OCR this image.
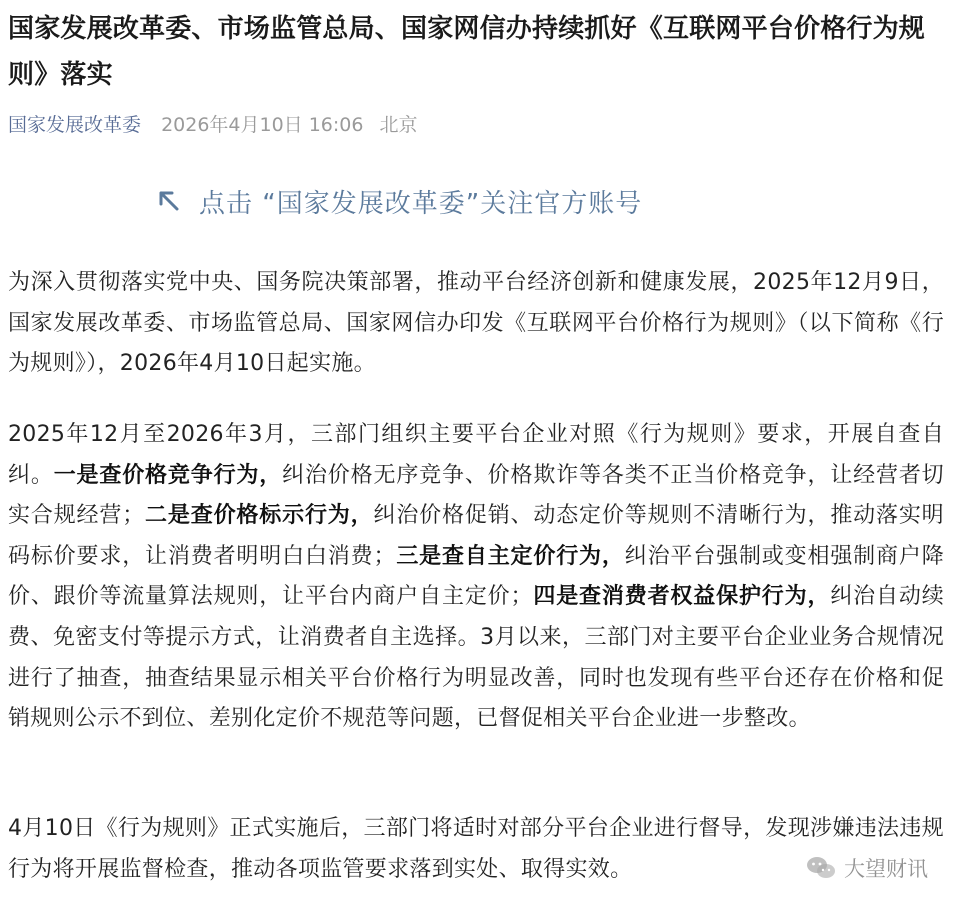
国家发展改革委、市场监管总局、国家网信办持续抓好《互联网平台价格行为规则》落实
国家发展改革委 2026年4月10日 16:06 北京
点击 “国家发展改革委”关注官方账号

为深入贯彻落实党中央、国务院决策部署，推动平台经济创新和健康发展，2025年12月9日，国家发展改革委、市场监管总局、国家网信办印发《互联网平台价格行为规则》（以下简称《行为规则》），2026年4月10日起实施。

2025年12月至2026年3月，三部门组织主要平台企业对照《行为规则》要求，开展自查自纠。一是查价格竞争行为，纠治价格无序竞争、价格欺诈等各类不正当价格竞争，让经营者切实合规经营；二是查价格标示行为，纠治价格促销、动态定价等规则不清晰行为，推动落实明码标价要求，让消费者明明白白消费；三是查自主定价行为，纠治平台强制或变相强制商户降价、跟价等流量算法规则，让平台内商户自主定价；四是查消费者权益保护行为，纠治自动续费、免密支付等提示方式，让消费者自主选择。3月以来，三部门对主要平台企业业务合规情况进行了抽查，抽查结果显示相关平台价格行为明显改善，同时也发现有些平台还存在价格和促销规则公示不到位、差别化定价不规范等问题，已督促相关平台企业进一步整改。

4月10日《行为规则》正式实施后，三部门将适时对部分平台企业进行督导，发现涉嫌违法违规行为将开展监督检查，推动各项监管要求落到实处、取得实效。	大望财讯
